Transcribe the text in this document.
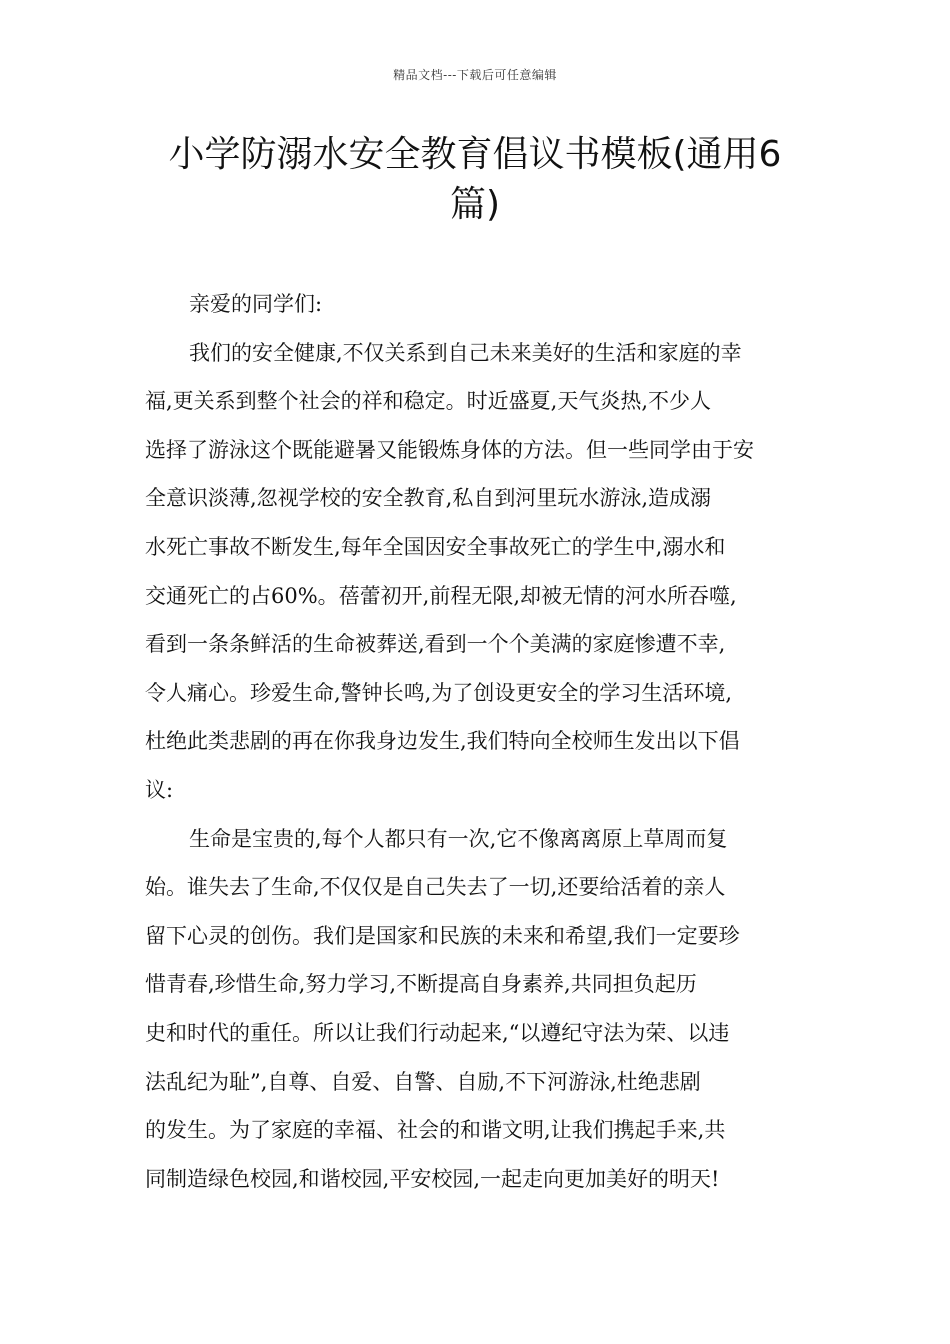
精品文档---下载后可任意编辑
小学防溺水安全教育倡议书模板(通用6
篇)

亲爱的同学们:

我们的安全健康,不仅关系到自己未来美好的生活和家庭的幸
福,更关系到整个社会的祥和稳定。时近盛夏,天气炎热,不少人
选择了游泳这个既能避暑又能锻炼身体的方法。但一些同学由于安
全意识淡薄,忽视学校的安全教育,私自到河里玩水游泳,造成溺
水死亡事故不断发生,每年全国因安全事故死亡的学生中,溺水和
交通死亡的占60%。蓓蕾初开,前程无限,却被无情的河水所吞噬,
看到一条条鲜活的生命被葬送,看到一个个美满的家庭惨遭不幸,
令人痛心。珍爱生命,警钟长鸣,为了创设更安全的学习生活环境,
杜绝此类悲剧的再在你我身边发生,我们特向全校师生发出以下倡
议:

生命是宝贵的,每个人都只有一次,它不像离离原上草周而复
始。谁失去了生命,不仅仅是自己失去了一切,还要给活着的亲人
留下心灵的创伤。我们是国家和民族的未来和希望,我们一定要珍
惜青春,珍惜生命,努力学习,不断提高自身素养,共同担负起历
史和时代的重任。所以让我们行动起来,“以遵纪守法为荣、以违
法乱纪为耻”,自尊、自爱、自警、自励,不下河游泳,杜绝悲剧
的发生。为了家庭的幸福、社会的和谐文明,让我们携起手来,共
同制造绿色校园,和谐校园,平安校园,一起走向更加美好的明天!
